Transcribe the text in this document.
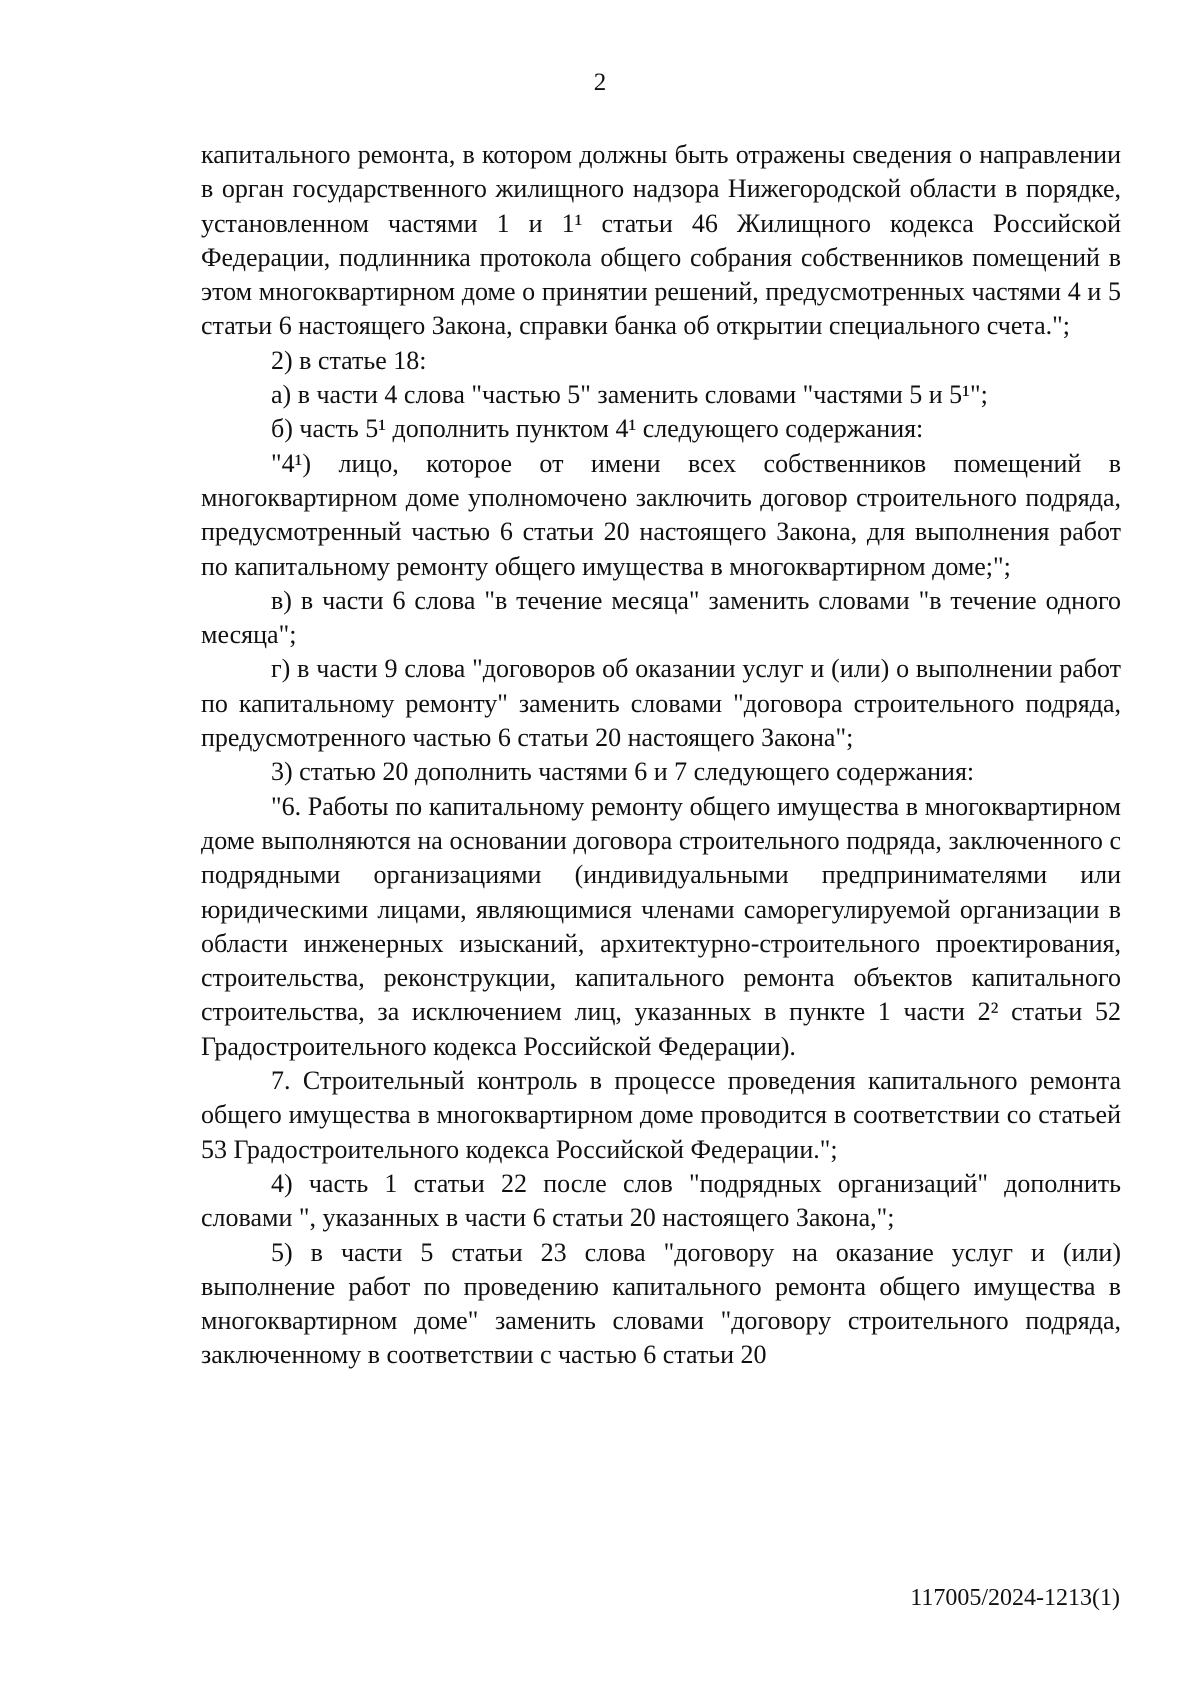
2

капитального ремонта, в котором должны быть отражены сведения о направлении в орган государственного жилищного надзора Нижегородской области в порядке, установленном частями 1 и 1¹ статьи 46 Жилищного кодекса Российской Федерации, подлинника протокола общего собрания собственников помещений в этом многоквартирном доме о принятии решений, предусмотренных частями 4 и 5 статьи 6 настоящего Закона, справки банка об открытии специального счета.";

2) в статье 18:

а) в части 4 слова "частью 5" заменить словами "частями 5 и 5¹";

б) часть 5¹ дополнить пунктом 4¹ следующего содержания:

"4¹) лицо, которое от имени всех собственников помещений в многоквартирном доме уполномочено заключить договор строительного подряда, предусмотренный частью 6 статьи 20 настоящего Закона, для выполнения работ по капитальному ремонту общего имущества в многоквартирном доме;";

в) в части 6 слова "в течение месяца" заменить словами "в течение одного месяца";

г) в части 9 слова "договоров об оказании услуг и (или) о выполнении работ по капитальному ремонту" заменить словами "договора строительного подряда, предусмотренного частью 6 статьи 20 настоящего Закона";

3) статью 20 дополнить частями 6 и 7 следующего содержания:

"6. Работы по капитальному ремонту общего имущества в многоквартирном доме выполняются на основании договора строительного подряда, заключенного с подрядными организациями (индивидуальными предпринимателями или юридическими лицами, являющимися членами саморегулируемой организации в области инженерных изысканий, архитектурно-строительного проектирования, строительства, реконструкции, капитального ремонта объектов капитального строительства, за исключением лиц, указанных в пункте 1 части 2² статьи 52 Градостроительного кодекса Российской Федерации).

7. Строительный контроль в процессе проведения капитального ремонта общего имущества в многоквартирном доме проводится в соответствии со статьей 53 Градостроительного кодекса Российской Федерации.";

4) часть 1 статьи 22 после слов "подрядных организаций" дополнить словами ", указанных в части 6 статьи 20 настоящего Закона,";

5) в части 5 статьи 23 слова "договору на оказание услуг и (или) выполнение работ по проведению капитального ремонта общего имущества в многоквартирном доме" заменить словами "договору строительного подряда, заключенному в соответствии с частью 6 статьи 20

117005/2024-1213(1)
